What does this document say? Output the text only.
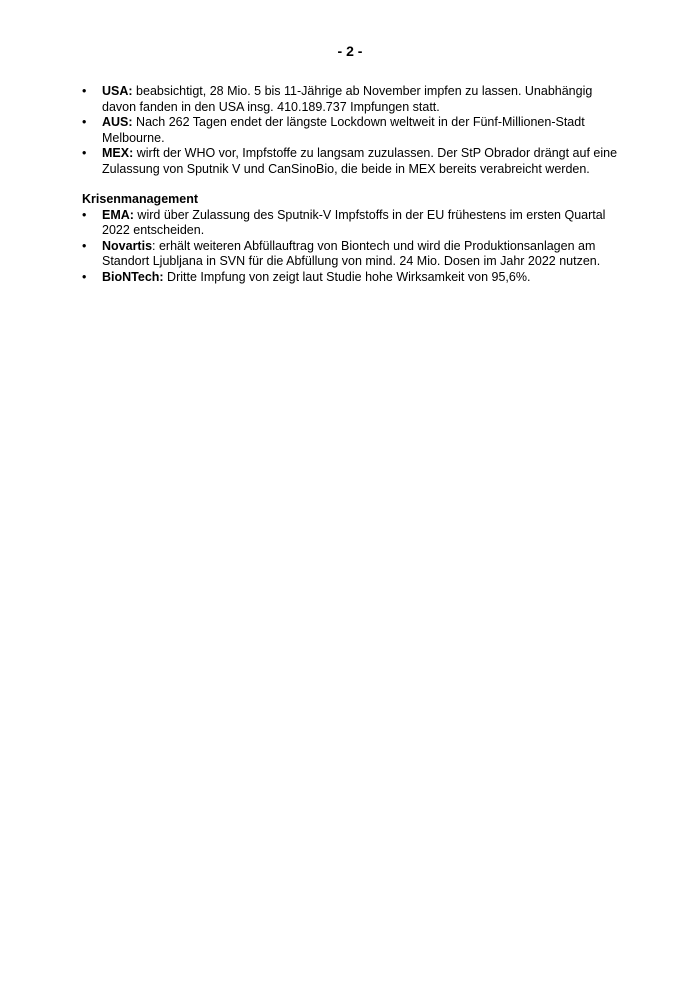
- 2 -
•	USA: beabsichtigt, 28 Mio. 5 bis 11-Jährige ab November impfen zu lassen. Unabhängig davon fanden in den USA insg. 410.189.737 Impfungen statt.
•	AUS: Nach 262 Tagen endet der längste Lockdown weltweit in der Fünf-Millionen-Stadt Melbourne.
•	MEX: wirft der WHO vor, Impfstoffe zu langsam zuzulassen. Der StP Obrador drängt auf eine Zulassung von Sputnik V und CanSinoBio, die beide in MEX bereits verabreicht werden.
Krisenmanagement
•	EMA: wird über Zulassung des Sputnik-V Impfstoffs in der EU frühestens im ersten Quartal 2022 entscheiden.
•	Novartis: erhält weiteren Abfüllauftrag von Biontech und wird die Produktionsanlagen am Standort Ljubljana in SVN für die Abfüllung von mind. 24 Mio. Dosen im Jahr 2022 nutzen.
•	BioNTech: Dritte Impfung von zeigt laut Studie hohe Wirksamkeit von 95,6%.
